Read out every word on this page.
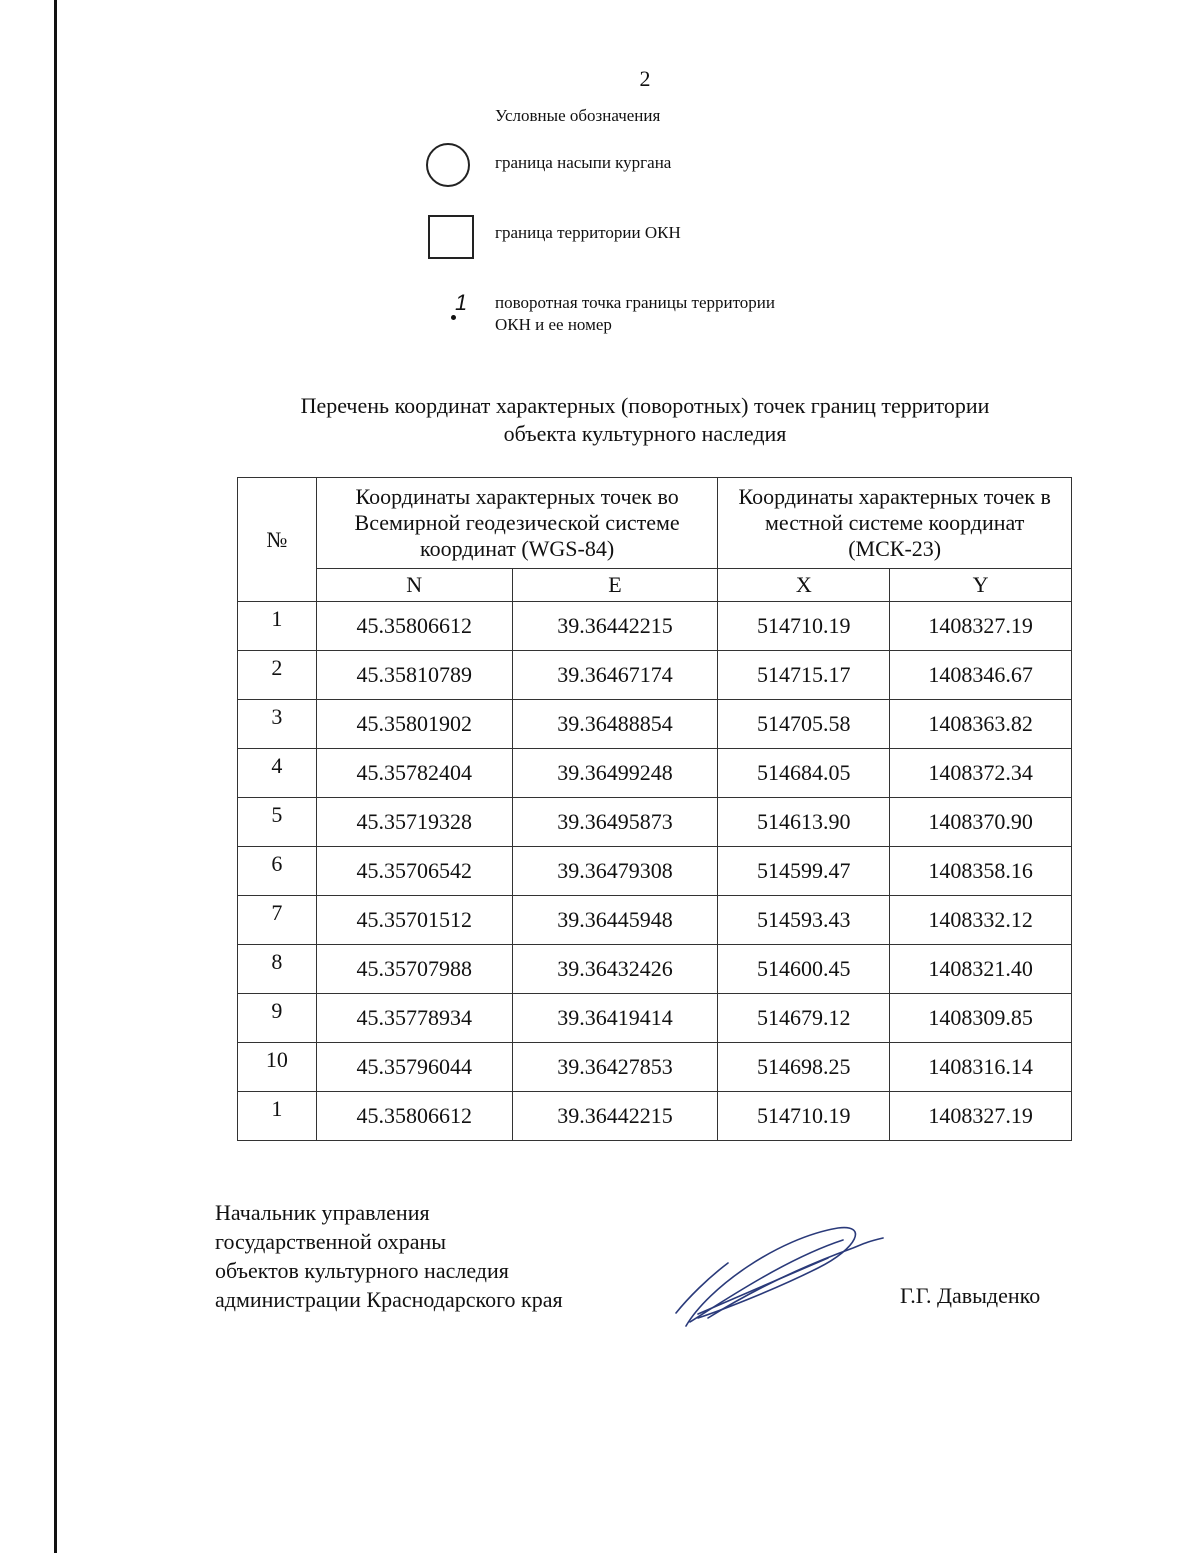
2
Условные обозначения
граница насыпи кургана
граница территории ОКН
1 поворотная точка границы территории
ОКН и ее номер
Перечень координат характерных (поворотных) точек границ территории
объекта культурного наследия
№	Координаты характерных точек во Всемирной геодезической системе координат (WGS-84)		Координаты характерных точек в местной системе координат (МСК-23)	
	N	E	X	Y
1	45.35806612	39.36442215	514710.19	1408327.19
2	45.35810789	39.36467174	514715.17	1408346.67
3	45.35801902	39.36488854	514705.58	1408363.82
4	45.35782404	39.36499248	514684.05	1408372.34
5	45.35719328	39.36495873	514613.90	1408370.90
6	45.35706542	39.36479308	514599.47	1408358.16
7	45.35701512	39.36445948	514593.43	1408332.12
8	45.35707988	39.36432426	514600.45	1408321.40
9	45.35778934	39.36419414	514679.12	1408309.85
10	45.35796044	39.36427853	514698.25	1408316.14
1	45.35806612	39.36442215	514710.19	1408327.19
Начальник управления
государственной охраны
объектов культурного наследия
администрации Краснодарского края	Г.Г. Давыденко
